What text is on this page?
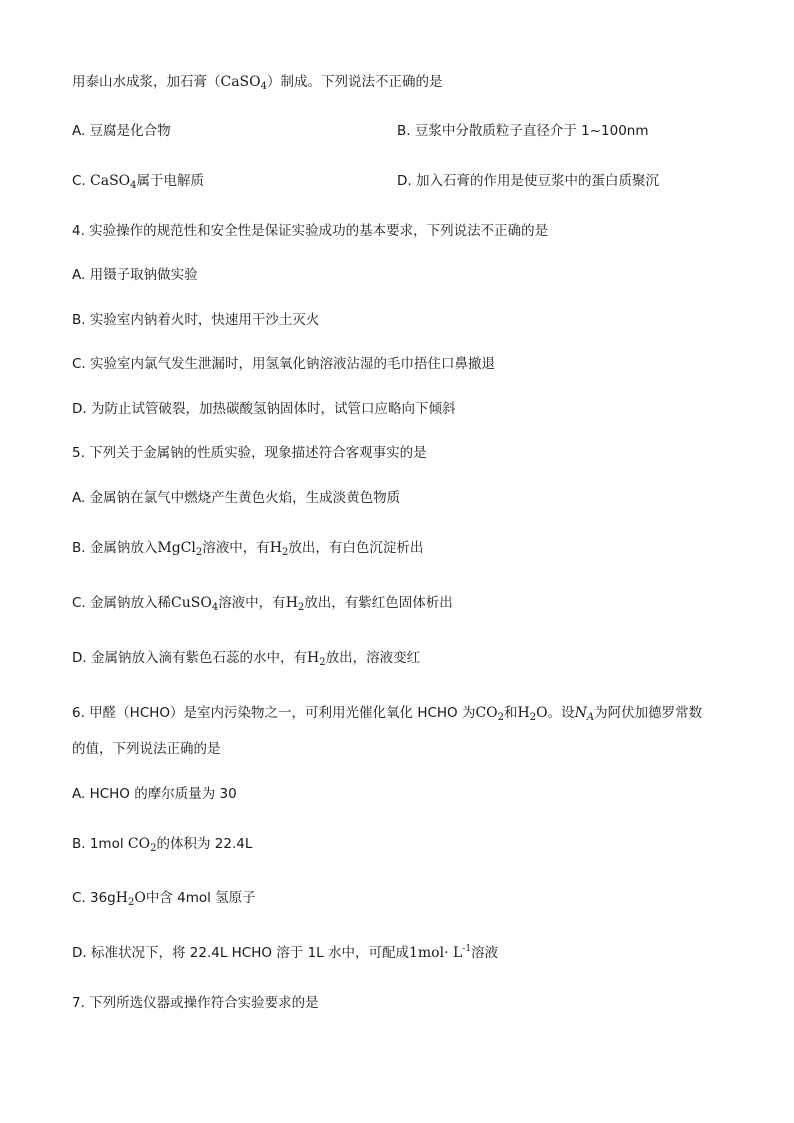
用泰山水成浆，加石膏（CaSO$_4$）制成。下列说法不正确的是
A. 豆腐是化合物	B. 豆浆中分散质粒子直径介于 1~100nm
C. CaSO$_4$属于电解质	D. 加入石膏的作用是使豆浆中的蛋白质聚沉
4. 实验操作的规范性和安全性是保证实验成功的基本要求，下列说法不正确的是
A. 用镊子取钠做实验
B. 实验室内钠着火时，快速用干沙土灭火
C. 实验室内氯气发生泄漏时，用氢氧化钠溶液沾湿的毛巾捂住口鼻撤退
D. 为防止试管破裂，加热碳酸氢钠固体时，试管口应略向下倾斜
5. 下列关于金属钠的性质实验，现象描述符合客观事实的是
A. 金属钠在氯气中燃烧产生黄色火焰，生成淡黄色物质
B. 金属钠放入MgCl$_2$溶液中，有$H_2$放出，有白色沉淀析出
C. 金属钠放入稀CuSO$_4$溶液中，有$H_2$放出，有紫红色固体析出
D. 金属钠放入滴有紫色石蕊的水中，有$H_2$放出，溶液变红
6. 甲醛（HCHO）是室内污染物之一，可利用光催化氧化 HCHO 为$CO_2$和$H_2O$。设$N_A$为阿伏加德罗常数
的值，下列说法正确的是
A. HCHO 的摩尔质量为 30
B. 1mol $CO_2$的体积为 22.4L
C. $36gH_2O$中含 4mol 氢原子
D. 标准状况下，将 22.4L HCHO 溶于 1L 水中，可配成$1mol\cdot L^{-1}$溶液
7. 下列所选仪器或操作符合实验要求的是
